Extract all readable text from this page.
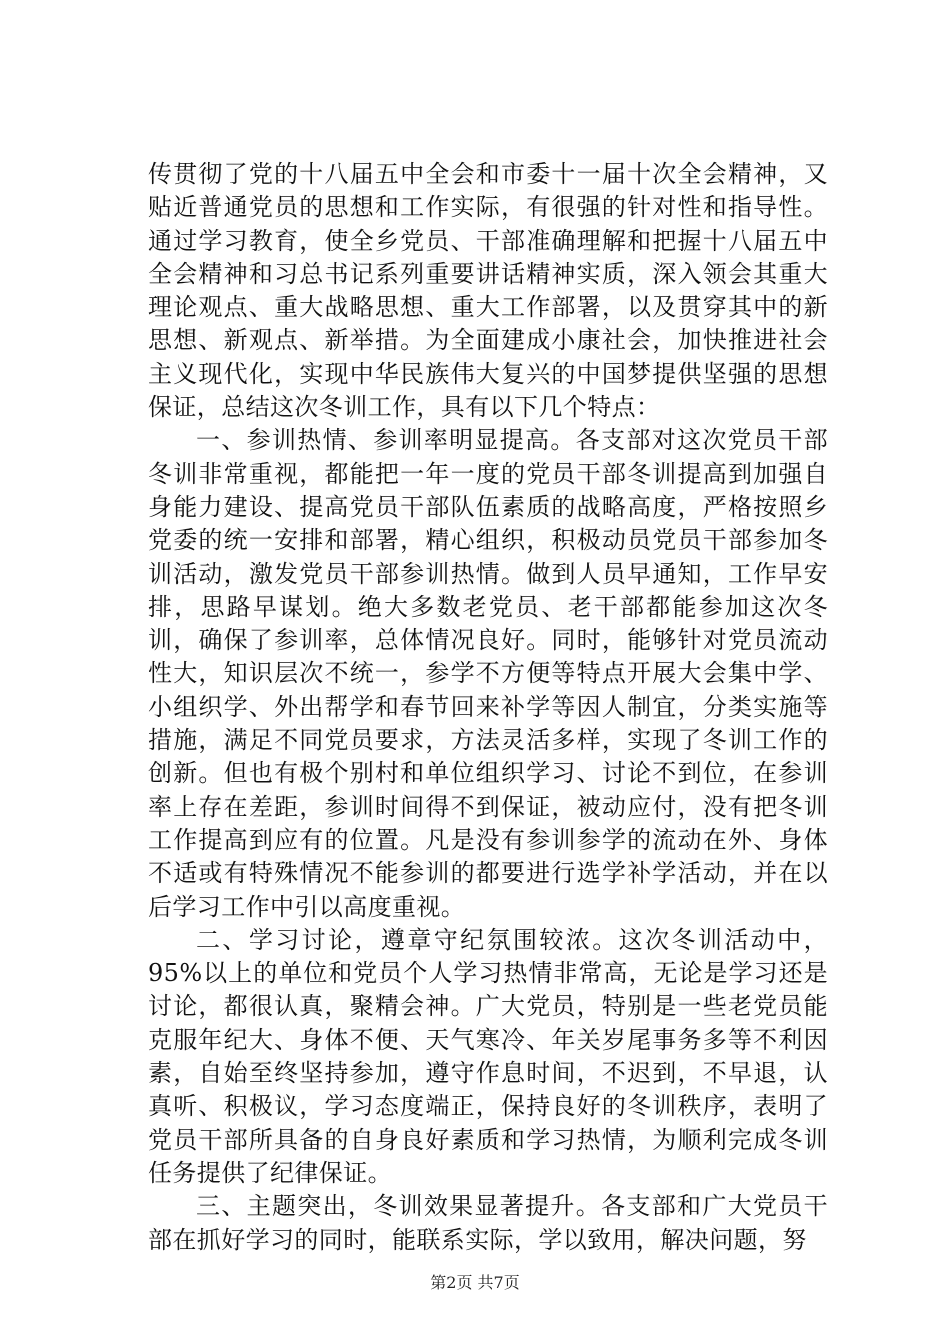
传贯彻了党的十八届五中全会和市委十一届十次全会精神，又贴近普通党员的思想和工作实际，有很强的针对性和指导性。通过学习教育，使全乡党员、干部准确理解和把握十八届五中全会精神和习总书记系列重要讲话精神实质，深入领会其重大理论观点、重大战略思想、重大工作部署，以及贯穿其中的新思想、新观点、新举措。为全面建成小康社会，加快推进社会主义现代化，实现中华民族伟大复兴的中国梦提供坚强的思想保证，总结这次冬训工作，具有以下几个特点：

一、参训热情、参训率明显提高。各支部对这次党员干部冬训非常重视，都能把一年一度的党员干部冬训提高到加强自身能力建设、提高党员干部队伍素质的战略高度，严格按照乡党委的统一安排和部署，精心组织，积极动员党员干部参加冬训活动，激发党员干部参训热情。做到人员早通知，工作早安排，思路早谋划。绝大多数老党员、老干部都能参加这次冬训，确保了参训率，总体情况良好。同时，能够针对党员流动性大，知识层次不统一，参学不方便等特点开展大会集中学、小组织学、外出帮学和春节回来补学等因人制宜，分类实施等措施，满足不同党员要求，方法灵活多样，实现了冬训工作的创新。但也有极个别村和单位组织学习、讨论不到位，在参训率上存在差距，参训时间得不到保证，被动应付，没有把冬训工作提高到应有的位置。凡是没有参训参学的流动在外、身体不适或有特殊情况不能参训的都要进行选学补学活动，并在以后学习工作中引以高度重视。

二、学习讨论，遵章守纪氛围较浓。这次冬训活动中，95%以上的单位和党员个人学习热情非常高，无论是学习还是讨论，都很认真，聚精会神。广大党员，特别是一些老党员能克服年纪大、身体不便、天气寒冷、年关岁尾事务多等不利因素，自始至终坚持参加，遵守作息时间，不迟到，不早退，认真听、积极议，学习态度端正，保持良好的冬训秩序，表明了党员干部所具备的自身良好素质和学习热情，为顺利完成冬训任务提供了纪律保证。

三、主题突出，冬训效果显著提升。各支部和广大党员干部在抓好学习的同时，能联系实际，学以致用，解决问题，努

第2页 共7页
